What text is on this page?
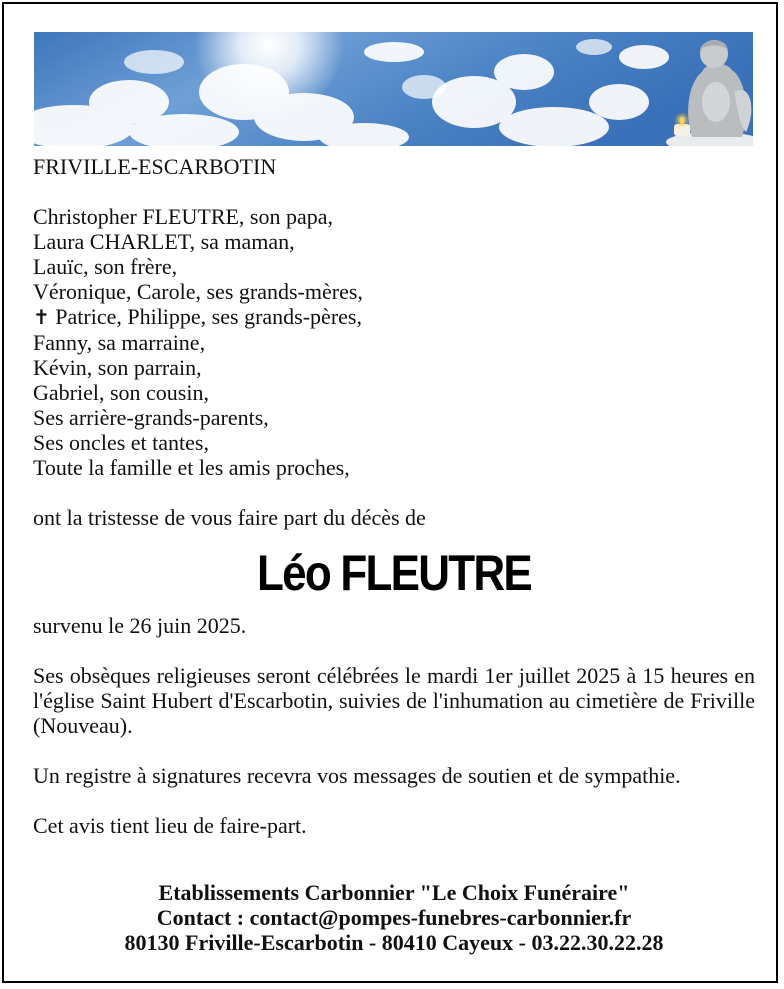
FRIVILLE-ESCARBOTIN

Christopher FLEUTRE, son papa,

Laura CHARLET, sa maman,

Lauïc, son frère,

Véronique, Carole, ses grands-mères,

✝ Patrice, Philippe, ses grands-pères,

Fanny, sa marraine,

Kévin, son parrain,

Gabriel, son cousin,

Ses arrière-grands-parents,

Ses oncles et tantes,

Toute la famille et les amis proches,

ont la tristesse de vous faire part du décès de

Léo FLEUTRE

survenu le 26 juin 2025.

Ses obsèques religieuses seront célébrées le mardi 1er juillet 2025 à 15 heures en l'église Saint Hubert d'Escarbotin, suivies de l'inhumation au cimetière de Friville (Nouveau).

Un registre à signatures recevra vos messages de soutien et de sympathie.

Cet avis tient lieu de faire-part.

Etablissements Carbonnier "Le Choix Funéraire"

Contact : contact@pompes-funebres-carbonnier.fr

80130 Friville-Escarbotin - 80410 Cayeux - 03.22.30.22.28
